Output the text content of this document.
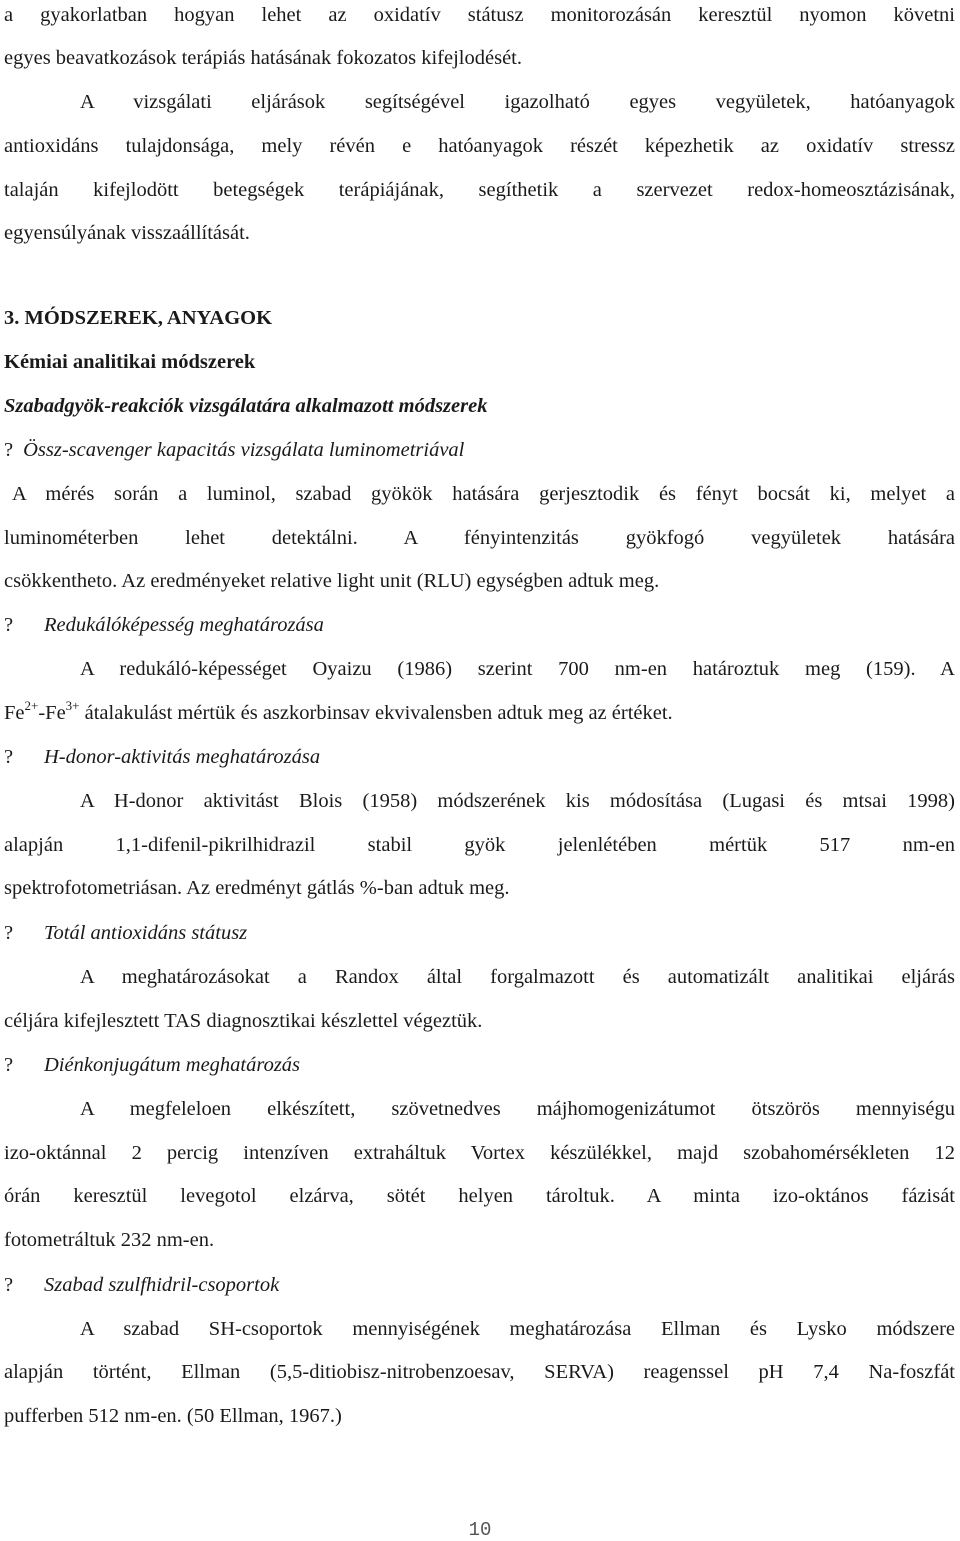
a gyakorlatban hogyan lehet az oxidatív státusz monitorozásán keresztül nyomon követni
egyes beavatkozások terápiás hatásának fokozatos kifejlodését.
A vizsgálati eljárások segítségével igazolható egyes vegyületek, hatóanyagok
antioxidáns tulajdonsága, mely révén e hatóanyagok részét képezhetik az oxidatív stressz
talaján kifejlodött betegségek terápiájának, segíthetik a szervezet redox-homeosztázisának,
egyensúlyának visszaállítását.
3. MÓDSZEREK, ANYAGOK
Kémiai analitikai módszerek
Szabadgyök-reakciók vizsgálatára alkalmazott módszerek
? Össz-scavenger kapacitás vizsgálata luminometriával
A mérés során a luminol, szabad gyökök hatására gerjesztodik és fényt bocsát ki, melyet a
luminométerben lehet detektálni. A fényintenzitás gyökfogó vegyületek hatására
csökkentheto. Az eredményeket relative light unit (RLU) egységben adtuk meg.
? Redukálóképesség meghatározása
A redukáló-képességet Oyaizu (1986) szerint 700 nm-en határoztuk meg (159). A
$Fe^{2+}-Fe^{3+}$ átalakulást mértük és aszkorbinsav ekvivalensben adtuk meg az értéket.
? H-donor-aktivitás meghatározása
A H-donor aktivitást Blois (1958) módszerének kis módosítása (Lugasi és mtsai 1998)
alapján 1,1-difenil-pikrilhidrazil stabil gyök jelenlétében mértük 517 nm-en
spektrofotometriásan. Az eredményt gátlás %-ban adtuk meg.
? Totál antioxidáns státusz
A meghatározásokat a Randox által forgalmazott és automatizált analitikai eljárás
céljára kifejlesztett TAS diagnosztikai készlettel végeztük.
? Diénkonjugátum meghatározás
A megfeleloen elkészített, szövetnedves májhomogenizátumot ötszörös mennyiségu
izo-oktánnal 2 percig intenzíven extraháltuk Vortex készülékkel, majd szobahomérsékleten 12
órán keresztül levegotol elzárva, sötét helyen tároltuk. A minta izo-oktános fázisát
fotometráltuk 232 nm-en.
? Szabad szulfhidril-csoportok
A szabad SH-csoportok mennyiségének meghatározása Ellman és Lysko módszere
alapján történt, Ellman (5,5-ditiobisz-nitrobenzoesav, SERVA) reagenssel pH 7,4 Na-foszfát
pufferben 512 nm-en. (50 Ellman, 1967.)
10
